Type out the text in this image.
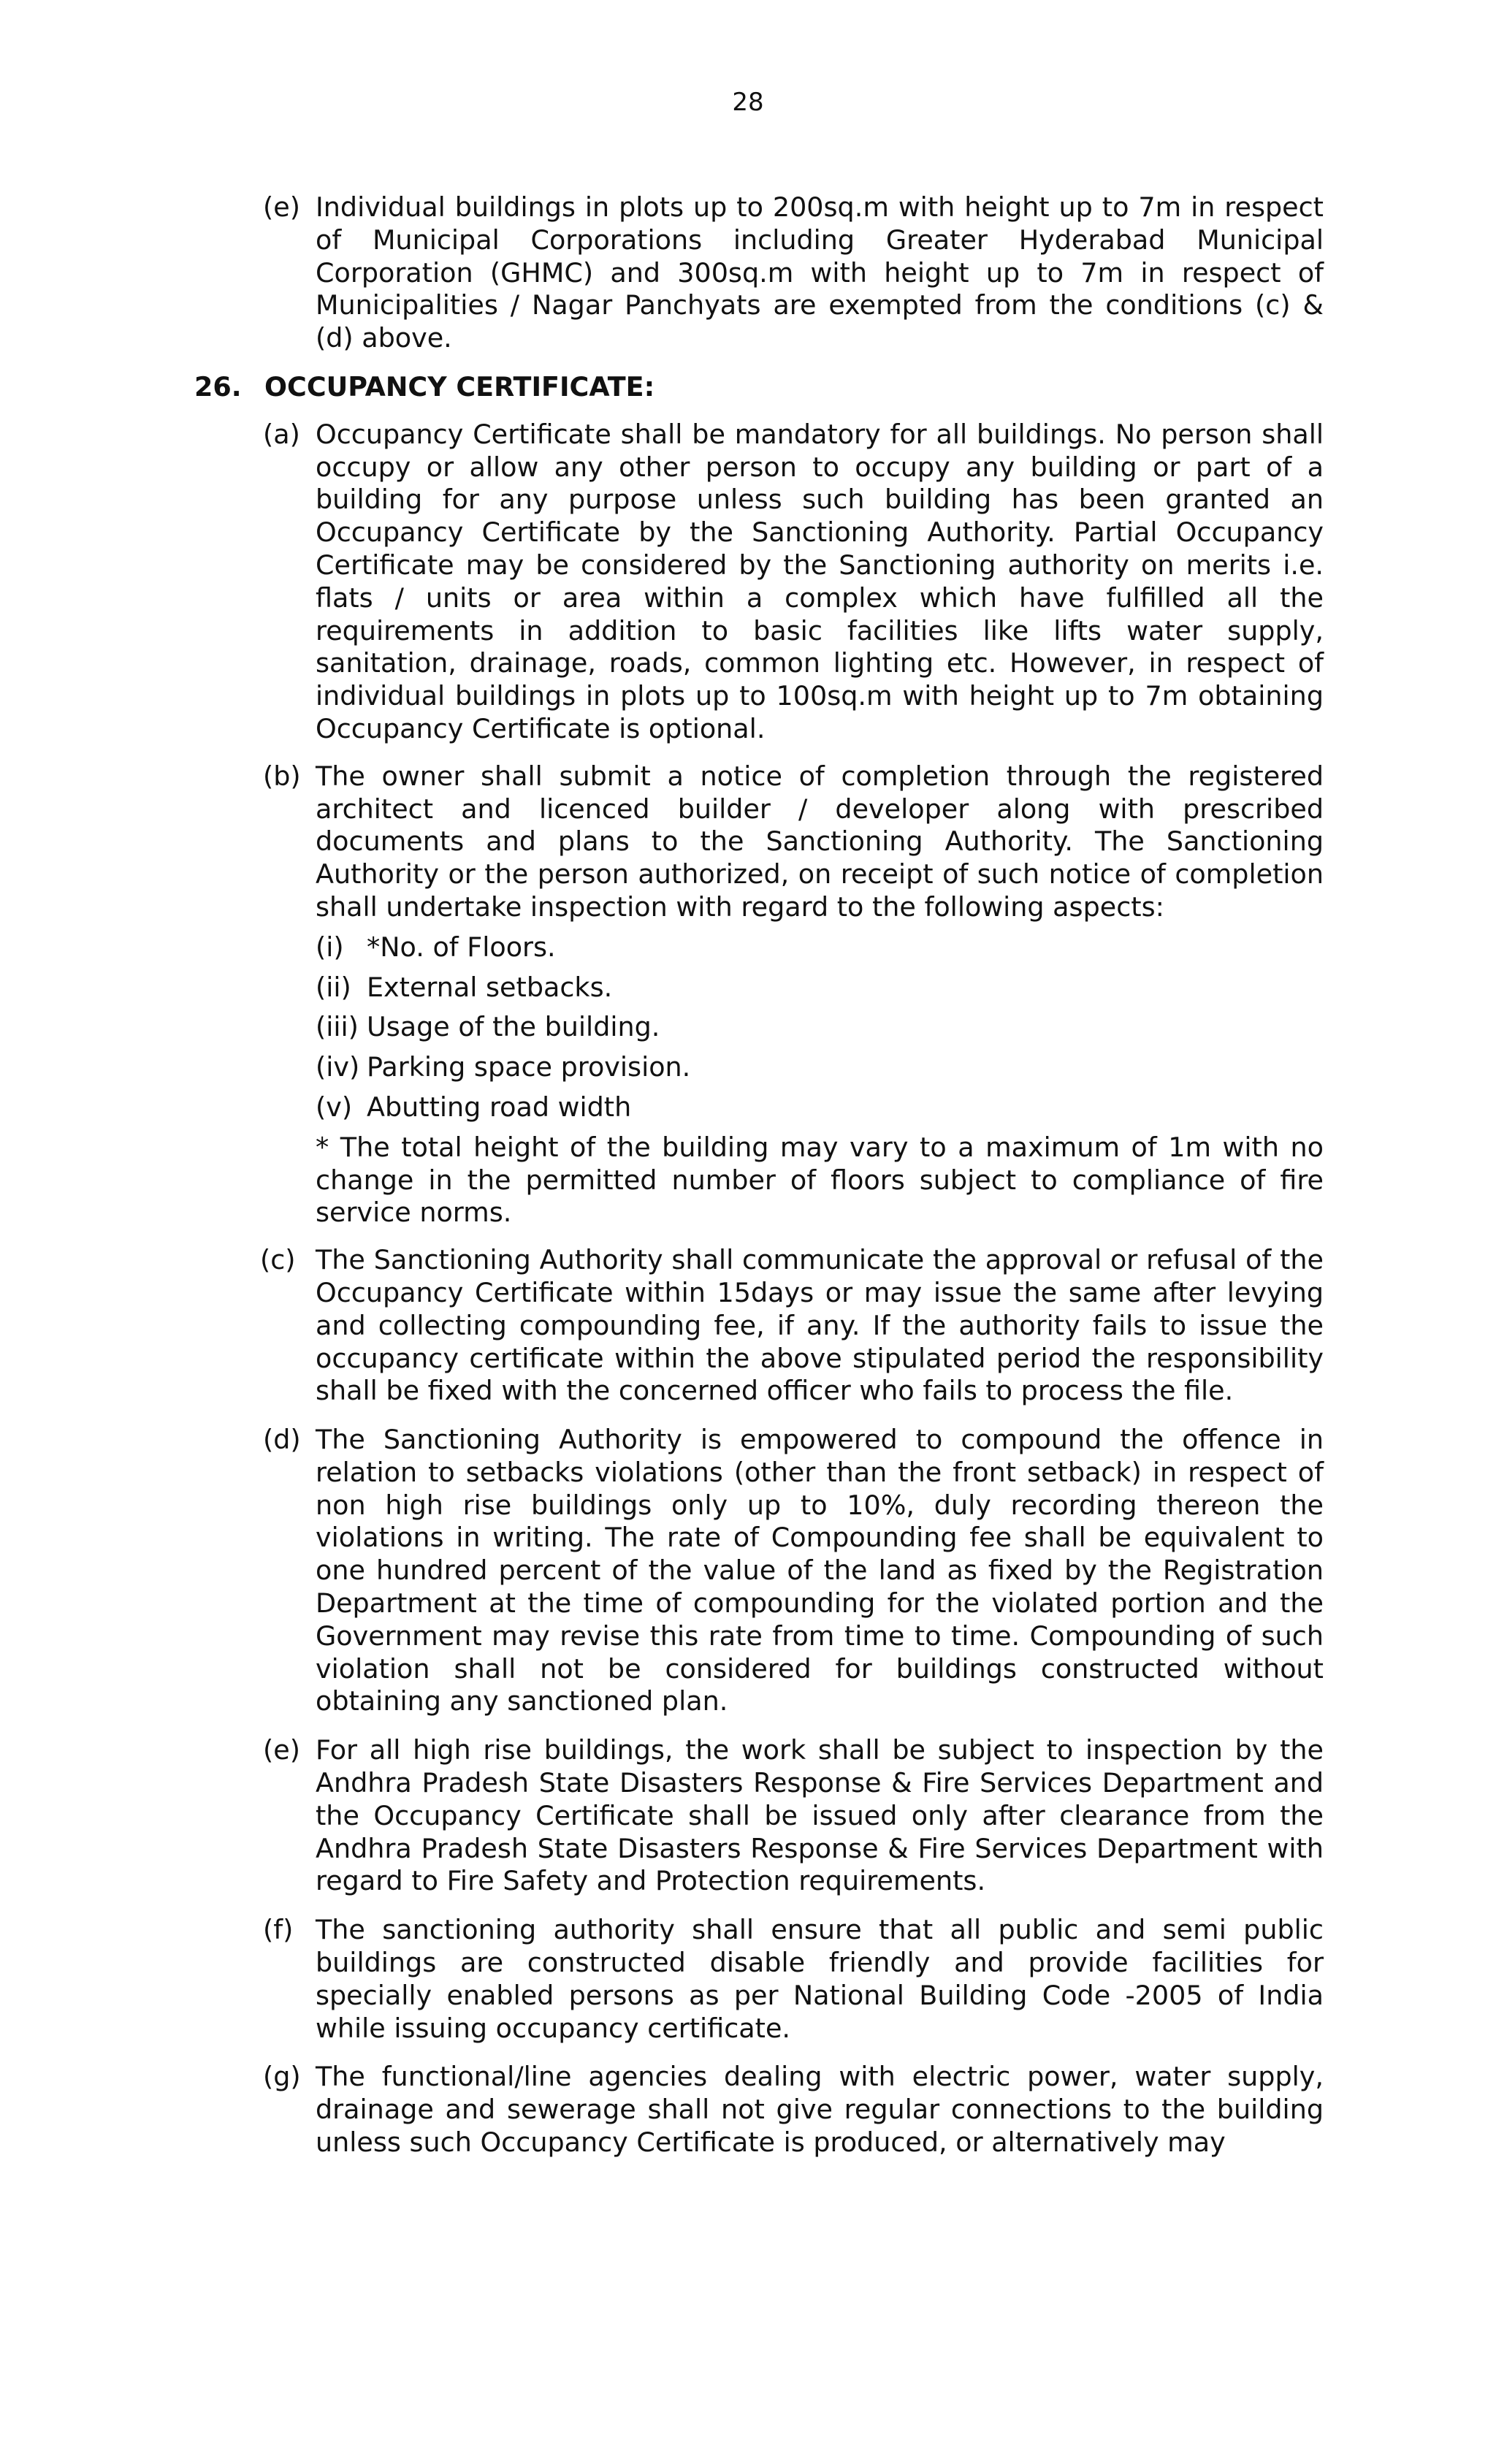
28
(e) Individual buildings in plots up to 200sq.m with height up to 7m in respect of Municipal Corporations including Greater Hyderabad Municipal Corporation (GHMC) and 300sq.m with height up to 7m in respect of Municipalities / Nagar Panchyats are exempted from the conditions (c) & (d) above.
26. OCCUPANCY CERTIFICATE:
(a) Occupancy Certificate shall be mandatory for all buildings. No person shall occupy or allow any other person to occupy any building or part of a building for any purpose unless such building has been granted an Occupancy Certificate by the Sanctioning Authority. Partial Occupancy Certificate may be considered by the Sanctioning authority on merits i.e. flats / units or area within a complex which have fulfilled all the requirements in addition to basic facilities like lifts water supply, sanitation, drainage, roads, common lighting etc. However, in respect of individual buildings in plots up to 100sq.m with height up to 7m obtaining Occupancy Certificate is optional.
(b) The owner shall submit a notice of completion through the registered architect and licenced builder / developer along with prescribed documents and plans to the Sanctioning Authority. The Sanctioning Authority or the person authorized, on receipt of such notice of completion shall undertake inspection with regard to the following aspects:
(i) *No. of Floors.
(ii) External setbacks.
(iii) Usage of the building.
(iv) Parking space provision.
(v) Abutting road width
* The total height of the building may vary to a maximum of 1m with no change in the permitted number of floors subject to compliance of fire service norms.
(c) The Sanctioning Authority shall communicate the approval or refusal of the Occupancy Certificate within 15days or may issue the same after levying and collecting compounding fee, if any. If the authority fails to issue the occupancy certificate within the above stipulated period the responsibility shall be fixed with the concerned officer who fails to process the file.
(d) The Sanctioning Authority is empowered to compound the offence in relation to setbacks violations (other than the front setback) in respect of non high rise buildings only up to 10%, duly recording thereon the violations in writing. The rate of Compounding fee shall be equivalent to one hundred percent of the value of the land as fixed by the Registration Department at the time of compounding for the violated portion and the Government may revise this rate from time to time. Compounding of such violation shall not be considered for buildings constructed without obtaining any sanctioned plan.
(e) For all high rise buildings, the work shall be subject to inspection by the Andhra Pradesh State Disasters Response & Fire Services Department and the Occupancy Certificate shall be issued only after clearance from the Andhra Pradesh State Disasters Response & Fire Services Department with regard to Fire Safety and Protection requirements.
(f) The sanctioning authority shall ensure that all public and semi public buildings are constructed disable friendly and provide facilities for specially enabled persons as per National Building Code -2005 of India while issuing occupancy certificate.
(g) The functional/line agencies dealing with electric power, water supply, drainage and sewerage shall not give regular connections to the building unless such Occupancy Certificate is produced, or alternatively may
